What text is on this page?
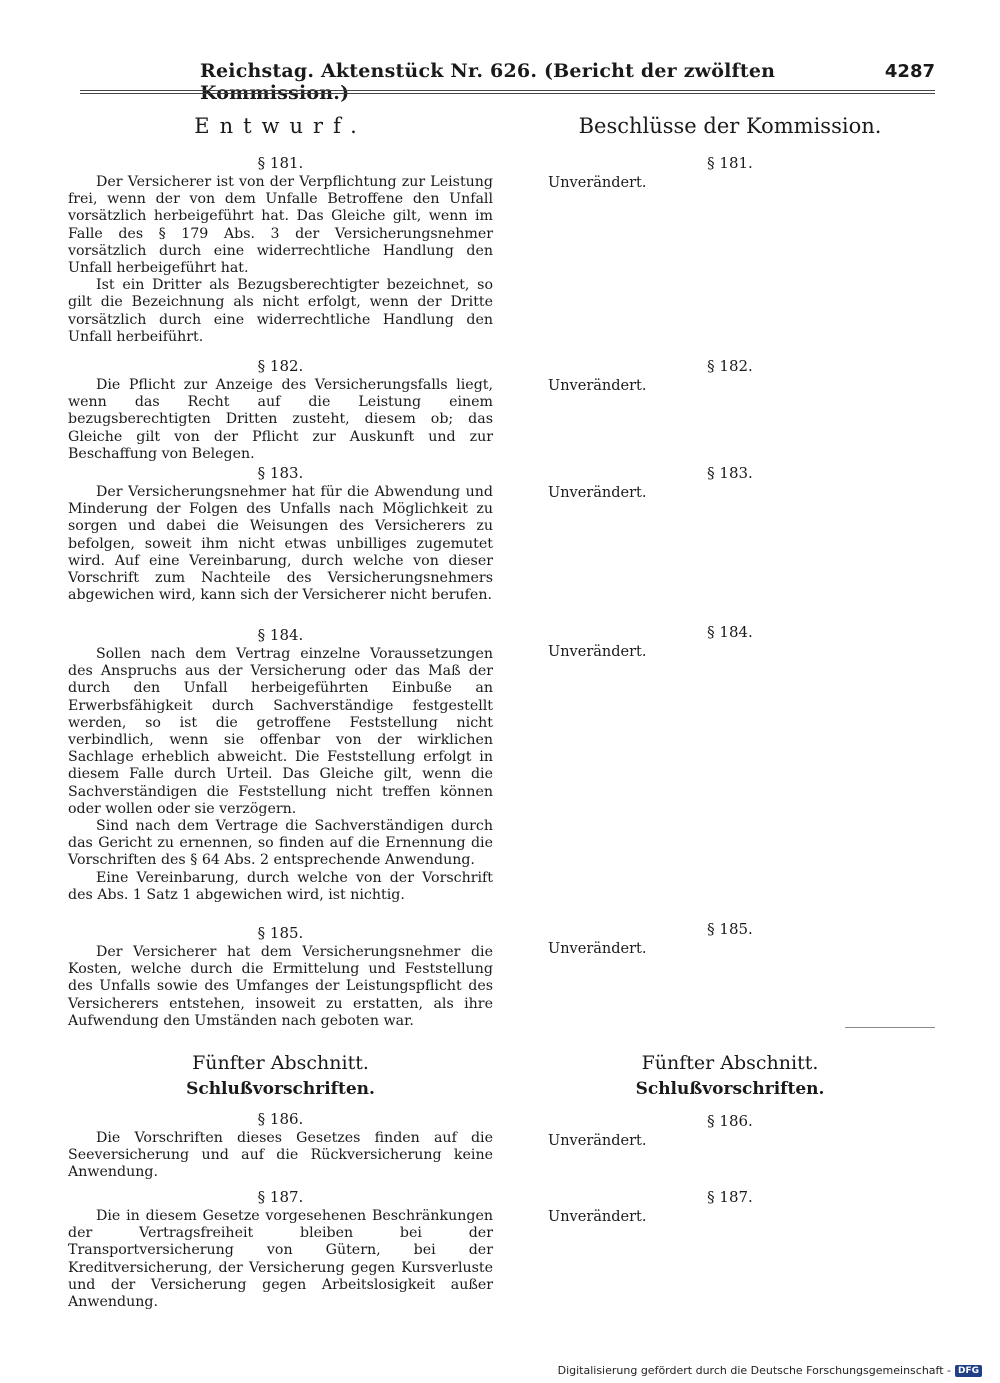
Reichstag. Aktenstück Nr. 626. (Bericht der zwölften Kommission.)
4287
Entwurf.
§ 181.

Der Versicherer ist von der Verpflichtung zur Leistung frei, wenn der von dem Unfalle Betroffene den Unfall vorsätzlich herbeigeführt hat. Das Gleiche gilt, wenn im Falle des § 179 Abs. 3 der Versicherungsnehmer vorsätzlich durch eine widerrechtliche Handlung den Unfall herbeigeführt hat.

Ist ein Dritter als Bezugsberechtigter bezeichnet, so gilt die Bezeichnung als nicht erfolgt, wenn der Dritte vorsätzlich durch eine widerrechtliche Handlung den Unfall herbeiführt.

§ 182.

Die Pflicht zur Anzeige des Versicherungsfalls liegt, wenn das Recht auf die Leistung einem bezugsberechtigten Dritten zusteht, diesem ob; das Gleiche gilt von der Pflicht zur Auskunft und zur Beschaffung von Belegen.

§ 183.

Der Versicherungsnehmer hat für die Abwendung und Minderung der Folgen des Unfalls nach Möglichkeit zu sorgen und dabei die Weisungen des Versicherers zu befolgen, soweit ihm nicht etwas unbilliges zugemutet wird. Auf eine Vereinbarung, durch welche von dieser Vorschrift zum Nachteile des Versicherungsnehmers abgewichen wird, kann sich der Versicherer nicht berufen.

§ 184.

Sollen nach dem Vertrag einzelne Voraussetzungen des Anspruchs aus der Versicherung oder das Maß der durch den Unfall herbeigeführten Einbuße an Erwerbsfähigkeit durch Sachverständige festgestellt werden, so ist die getroffene Feststellung nicht verbindlich, wenn sie offenbar von der wirklichen Sachlage erheblich abweicht. Die Feststellung erfolgt in diesem Falle durch Urteil. Das Gleiche gilt, wenn die Sachverständigen die Feststellung nicht treffen können oder wollen oder sie verzögern.

Sind nach dem Vertrage die Sachverständigen durch das Gericht zu ernennen, so finden auf die Ernennung die Vorschriften des § 64 Abs. 2 entsprechende Anwendung.

Eine Vereinbarung, durch welche von der Vorschrift des Abs. 1 Satz 1 abgewichen wird, ist nichtig.

§ 185.

Der Versicherer hat dem Versicherungsnehmer die Kosten, welche durch die Ermittelung und Feststellung des Unfalls sowie des Umfanges der Leistungspflicht des Versicherers entstehen, insoweit zu erstatten, als ihre Aufwendung den Umständen nach geboten war.

Fünfter Abschnitt.
Schlußvorschriften.
§ 186.

Die Vorschriften dieses Gesetzes finden auf die Seeversicherung und auf die Rückversicherung keine Anwendung.

§ 187.

Die in diesem Gesetze vorgesehenen Beschränkungen der Vertragsfreiheit bleiben bei der Transportversicherung von Gütern, bei der Kreditversicherung, der Versicherung gegen Kursverluste und der Versicherung gegen Arbeitslosigkeit außer Anwendung.

Beschlüsse der Kommission.
§ 181.
Unverändert.
§ 182.
Unverändert.
§ 183.
Unverändert.
§ 184.
Unverändert.
§ 185.
Unverändert.
Fünfter Abschnitt.
Schlußvorschriften.
§ 186.
Unverändert.
§ 187.
Unverändert.
Digitalisierung gefördert durch die Deutsche Forschungsgemeinschaft - DFG
